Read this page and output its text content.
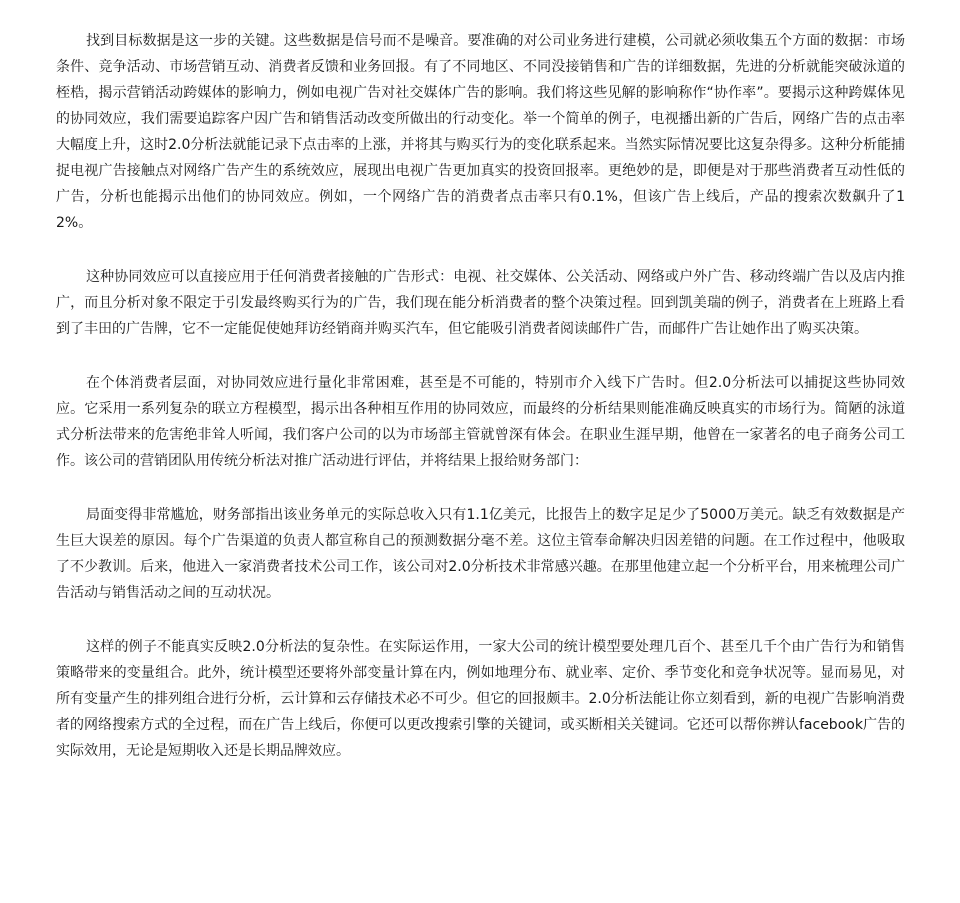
找到目标数据是这一步的关键。这些数据是信号而不是噪音。要准确的对公司业务进行建模，公司就必须收集五个方面的数据：市场条件、竞争活动、市场营销互动、消费者反馈和业务回报。有了不同地区、不同没接销售和广告的详细数据，先进的分析就能突破泳道的桎梏，揭示营销活动跨媒体的影响力，例如电视广告对社交媒体广告的影响。我们将这些见解的影响称作“协作率”。要揭示这种跨媒体见的协同效应，我们需要追踪客户因广告和销售活动改变所做出的行动变化。举一个简单的例子，电视播出新的广告后，网络广告的点击率大幅度上升，这时2.0分析法就能记录下点击率的上涨，并将其与购买行为的变化联系起来。当然实际情况要比这复杂得多。这种分析能捕捉电视广告接触点对网络广告产生的系统效应，展现出电视广告更加真实的投资回报率。更绝妙的是，即便是对于那些消费者互动性低的广告，分析也能揭示出他们的协同效应。例如，一个网络广告的消费者点击率只有0.1%，但该广告上线后，产品的搜索次数飙升了12%。

这种协同效应可以直接应用于任何消费者接触的广告形式：电视、社交媒体、公关活动、网络或户外广告、移动终端广告以及店内推广，而且分析对象不限定于引发最终购买行为的广告，我们现在能分析消费者的整个决策过程。回到凯美瑞的例子，消费者在上班路上看到了丰田的广告牌，它不一定能促使她拜访经销商并购买汽车，但它能吸引消费者阅读邮件广告，而邮件广告让她作出了购买决策。

在个体消费者层面，对协同效应进行量化非常困难，甚至是不可能的，特别市介入线下广告时。但2.0分析法可以捕捉这些协同效应。它采用一系列复杂的联立方程模型，揭示出各种相互作用的协同效应，而最终的分析结果则能准确反映真实的市场行为。简陋的泳道式分析法带来的危害绝非耸人听闻，我们客户公司的以为市场部主管就曾深有体会。在职业生涯早期，他曾在一家著名的电子商务公司工作。该公司的营销团队用传统分析法对推广活动进行评估，并将结果上报给财务部门：

局面变得非常尴尬，财务部指出该业务单元的实际总收入只有1.1亿美元，比报告上的数字足足少了5000万美元。缺乏有效数据是产生巨大误差的原因。每个广告渠道的负责人都宣称自己的预测数据分毫不差。这位主管奉命解决归因差错的问题。在工作过程中，他吸取了不少教训。后来，他进入一家消费者技术公司工作，该公司对2.0分析技术非常感兴趣。在那里他建立起一个分析平台，用来梳理公司广告活动与销售活动之间的互动状况。

这样的例子不能真实反映2.0分析法的复杂性。在实际运作用，一家大公司的统计模型要处理几百个、甚至几千个由广告行为和销售策略带来的变量组合。此外，统计模型还要将外部变量计算在内，例如地理分布、就业率、定价、季节变化和竞争状况等。显而易见，对所有变量产生的排列组合进行分析，云计算和云存储技术必不可少。但它的回报颇丰。2.0分析法能让你立刻看到，新的电视广告影响消费者的网络搜索方式的全过程，而在广告上线后，你便可以更改搜索引擎的关键词，或买断相关关键词。它还可以帮你辨认facebook广告的实际效用，无论是短期收入还是长期品牌效应。
